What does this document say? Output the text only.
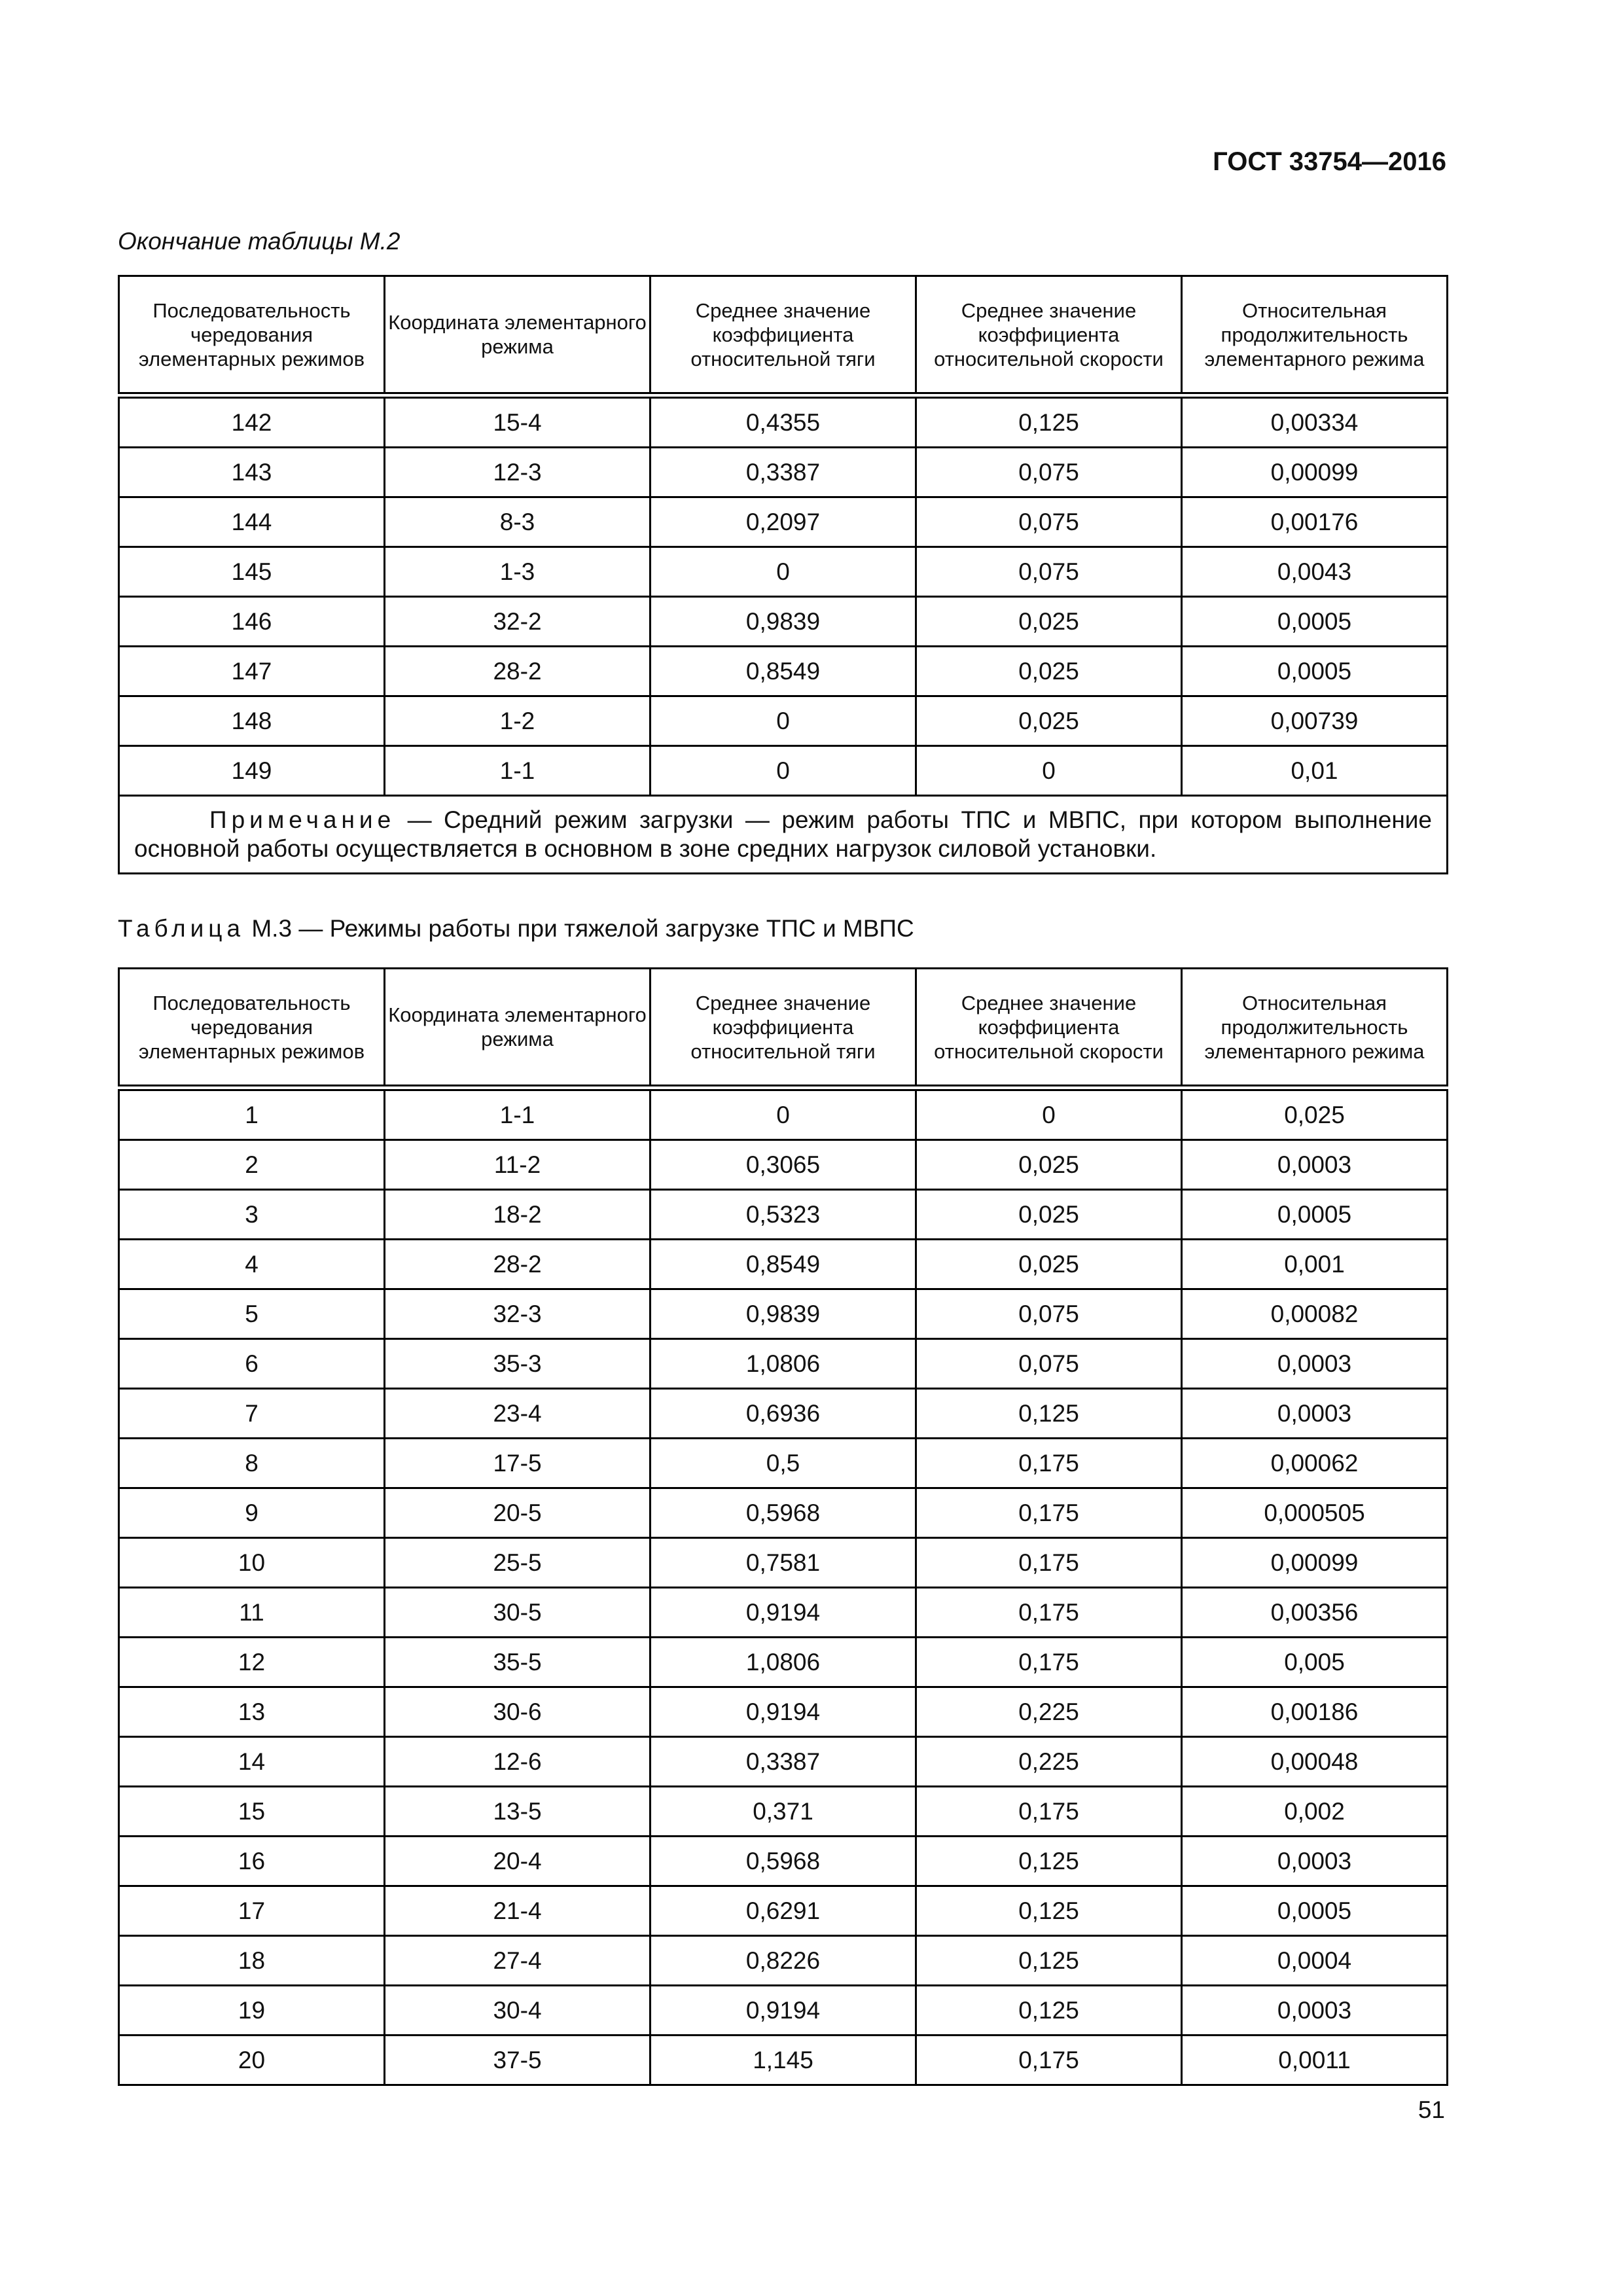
ГОСТ 33754—2016
Окончание таблицы М.2
Последовательность чередования элементарных режимов	Координата элементарного режима	Среднее значение коэффициента относительной тяги	Среднее значение коэффициента относительной скорости	Относительная продолжительность элементарного режима
142	15-4	0,4355	0,125	0,00334
143	12-3	0,3387	0,075	0,00099
144	8-3	0,2097	0,075	0,00176
145	1-3	0	0,075	0,0043
146	32-2	0,9839	0,025	0,0005
147	28-2	0,8549	0,025	0,0005
148	1-2	0	0,025	0,00739
149	1-1	0	0	0,01
Примечание — Средний режим загрузки — режим работы ТПС и МВПС, при котором выполнение основной работы осуществляется в основном в зоне средних нагрузок силовой установки.				
Таблица М.3 — Режимы работы при тяжелой загрузке ТПС и МВПС
Последовательность чередования элементарных режимов	Координата элементарного режима	Среднее значение коэффициента относительной тяги	Среднее значение коэффициента относительной скорости	Относительная продолжительность элементарного режима
1	1-1	0	0	0,025
2	11-2	0,3065	0,025	0,0003
3	18-2	0,5323	0,025	0,0005
4	28-2	0,8549	0,025	0,001
5	32-3	0,9839	0,075	0,00082
6	35-3	1,0806	0,075	0,0003
7	23-4	0,6936	0,125	0,0003
8	17-5	0,5	0,175	0,00062
9	20-5	0,5968	0,175	0,000505
10	25-5	0,7581	0,175	0,00099
11	30-5	0,9194	0,175	0,00356
12	35-5	1,0806	0,175	0,005
13	30-6	0,9194	0,225	0,00186
14	12-6	0,3387	0,225	0,00048
15	13-5	0,371	0,175	0,002
16	20-4	0,5968	0,125	0,0003
17	21-4	0,6291	0,125	0,0005
18	27-4	0,8226	0,125	0,0004
19	30-4	0,9194	0,125	0,0003
20	37-5	1,145	0,175	0,0011
51
